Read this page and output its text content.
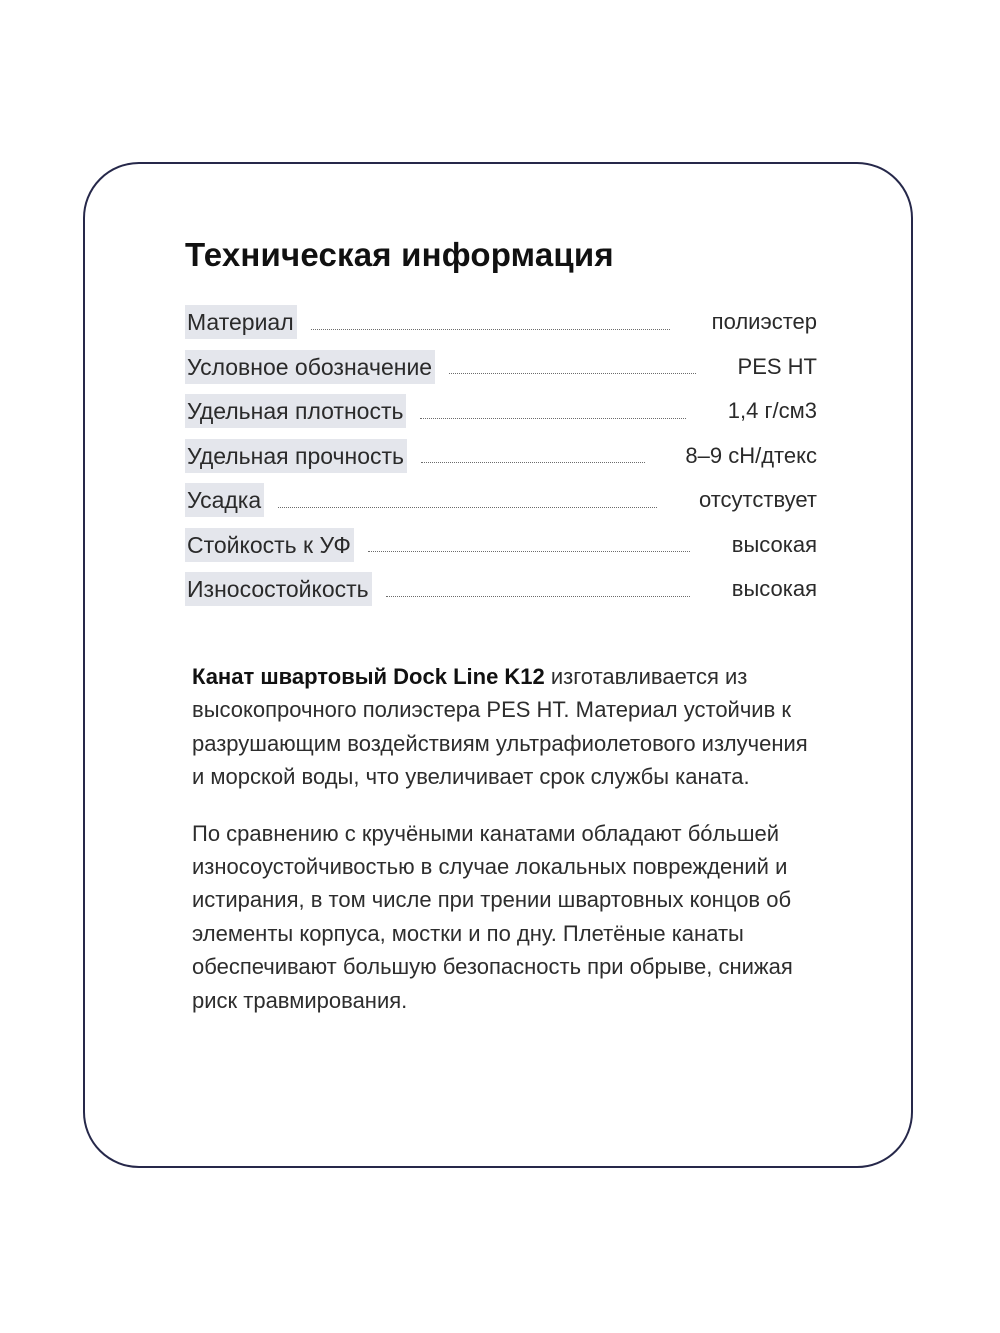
Техническая информация
Материал	полиэстер
Условное обозначение	PES HT
Удельная плотность	1,4 г/см3
Удельная прочность	8–9 сН/дтекс
Усадка	отсутствует
Стойкость к УФ	высокая
Износостойкость	высокая

Канат швартовый Dock Line K12 изготавливается из высокопрочного полиэстера PES HT. Материал устойчив к разрушающим воздействиям ультрафиолетового излучения и морской воды, что увеличивает срок службы каната.

По сравнению с кручёными канатами обладают бóльшей износоустойчивостью в случае локальных повреждений и истирания, в том числе при трении швартовных концов об элементы корпуса, мостки и по дну. Плетёные канаты обеспечивают большую безопасность при обрыве, снижая риск травмирования.
